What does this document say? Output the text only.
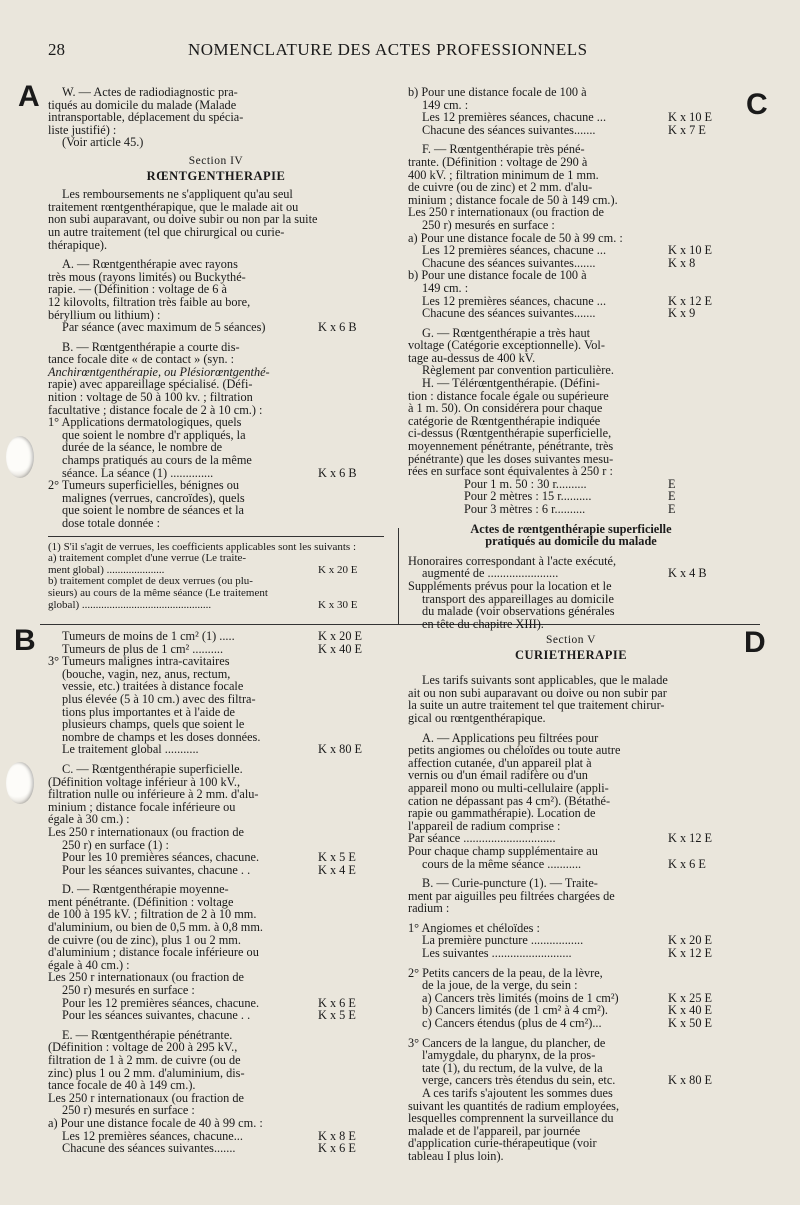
28	NOMENCLATURE DES ACTES PROFESSIONNELS
A	C
B	D

W. — Actes de radiodiagnostic pra-

tiqués au domicile du malade (Malade

intransportable, déplacement du spécia-

liste justifié) :

(Voir article 45.)

Section IV
RŒNTGENTHERAPIE

Les remboursements ne s'appliquent qu'au seul

traitement rœntgenthérapique, que le malade ait ou

non subi auparavant, ou doive subir ou non par la suite

un autre traitement (tel que chirurgical ou curie-

thérapique).

A. — Rœntgenthérapie avec rayons

très mous (rayons limités) ou Buckythé-

rapie. — (Définition : voltage de 6 à

12 kilovolts, filtration très faible au bore,

béryllium ou lithium) :

Par séance (avec maximum de 5 séances)	K x 6 B

B. — Rœntgenthérapie a courte dis-

tance focale dite « de contact » (syn. :

Anchirœntgenthérapie, ou Plésiorœntgenthé-

rapie) avec appareillage spécialisé. (Défi-

nition : voltage de 50 à 100 kv. ; filtration

facultative ; distance focale de 2 à 10 cm.) :

1° Applications dermatologiques, quels

que soient le nombre d'r appliqués, la

durée de la séance, le nombre de

champs pratiqués au cours de la même

séance. La séance (1) ..............	K x 6 B

2° Tumeurs superficielles, bénignes ou

malignes (verrues, cancroïdes), quels

que soient le nombre de séances et la

dose totale donnée :

(1) S'il s'agit de verrues, les coefficients applicables sont les suivants :

a) traitement complet d'une verrue (Le traite-

ment global) .....................	K x 20 E

b) traitement complet de deux verrues (ou plu-

sieurs) au cours de la même séance (Le traitement

global) ...............................................	K x 30 E
Tumeurs de moins de 1 cm² (1) .....	K x 20 E
Tumeurs de plus de 1 cm² ..........	K x 40 E

3° Tumeurs malignes intra-cavitaires

(bouche, vagin, nez, anus, rectum,

vessie, etc.) traitées à distance focale

plus élevée (5 à 10 cm.) avec des filtra-

tions plus importantes et à l'aide de

plusieurs champs, quels que soient le

nombre de champs et les doses données.

Le traitement global ...........	K x 80 E

C. — Rœntgenthérapie superficielle.

(Définition voltage inférieur à 100 kV.,

filtration nulle ou inférieure à 2 mm. d'alu-

minium ; distance focale inférieure ou

égale à 30 cm.) :

Les 250 r internationaux (ou fraction de

250 r) en surface (1) :

Pour les 10 premières séances, chacune.	K x 5 E
Pour les séances suivantes, chacune . .	K x 4 E

D. — Rœntgenthérapie moyenne-

ment pénétrante. (Définition : voltage

de 100 à 195 kV. ; filtration de 2 à 10 mm.

d'aluminium, ou bien de 0,5 mm. à 0,8 mm.

de cuivre (ou de zinc), plus 1 ou 2 mm.

d'aluminium ; distance focale inférieure ou

égale à 40 cm.) :

Les 250 r internationaux (ou fraction de

250 r) mesurés en surface :

Pour les 12 premières séances, chacune.	K x 6 E
Pour les séances suivantes, chacune . .	K x 5 E

E. — Rœntgenthérapie pénétrante.

(Définition : voltage de 200 à 295 kV.,

filtration de 1 à 2 mm. de cuivre (ou de

zinc) plus 1 ou 2 mm. d'aluminium, dis-

tance focale de 40 à 149 cm.).

Les 250 r internationaux (ou fraction de

250 r) mesurés en surface :

a) Pour une distance focale de 40 à 99 cm. :

Les 12 premières séances, chacune...	K x 8 E
Chacune des séances suivantes.......	K x 6 E

b) Pour une distance focale de 100 à

149 cm. :

Les 12 premières séances, chacune ...	K x 10 E
Chacune des séances suivantes.......	K x 7 E

F. — Rœntgenthérapie très péné-

trante. (Définition : voltage de 290 à

400 kV. ; filtration minimum de 1 mm.

de cuivre (ou de zinc) et 2 mm. d'alu-

minium ; distance focale de 50 à 149 cm.).

Les 250 r internationaux (ou fraction de

250 r) mesurés en surface :

a) Pour une distance focale de 50 à 99 cm. :

Les 12 premières séances, chacune ...	K x 10 E
Chacune des séances suivantes.......	K x 8

b) Pour une distance focale de 100 à

149 cm. :

Les 12 premières séances, chacune ...	K x 12 E
Chacune des séances suivantes.......	K x 9

G. — Rœntgenthérapie a très haut

voltage (Catégorie exceptionnelle). Vol-

tage au-dessus de 400 kV.

Règlement par convention particulière.

H. — Télérœntgenthérapie. (Défini-

tion : distance focale égale ou supérieure

à 1 m. 50). On considérera pour chaque

catégorie de Rœntgenthérapie indiquée

ci-dessus (Rœntgenthérapie superficielle,

moyennement pénétrante, pénétrante, très

pénétrante) que les doses suivantes mesu-

rées en surface sont équivalentes à 250 r :

Pour 1 m. 50 : 30 r..........	E
Pour 2 mètres : 15 r..........	E
Pour 3 mètres : 6 r..........	E

Actes de rœntgenthérapie superficielle

pratiqués au domicile du malade

Honoraires correspondant à l'acte exécuté,

augmenté de .......................	K x 4 B

Suppléments prévus pour la location et le

transport des appareillages au domicile

du malade (voir observations générales

en tête du chapitre XIII).

Section V
CURIETHERAPIE

Les tarifs suivants sont applicables, que le malade

ait ou non subi auparavant ou doive ou non subir par

la suite un autre traitement tel que traitement chirur-

gical ou rœntgenthérapique.

A. — Applications peu filtrées pour

petits angiomes ou chéloïdes ou toute autre

affection cutanée, d'un appareil plat à

vernis ou d'un émail radifère ou d'un

appareil mono ou multi-cellulaire (appli-

cation ne dépassant pas 4 cm²). (Bétathé-

rapie ou gammathérapie). Location de

l'appareil de radium comprise :

Par séance ..............................	K x 12 E

Pour chaque champ supplémentaire au

cours de la même séance ...........	K x 6 E

B. — Curie-puncture (1). — Traite-

ment par aiguilles peu filtrées chargées de

radium :

1° Angiomes et chéloïdes :

La première puncture .................	K x 20 E
Les suivantes ..........................	K x 12 E

2° Petits cancers de la peau, de la lèvre,

de la joue, de la verge, du sein :

a) Cancers très limités (moins de 1 cm²)	K x 25 E
b) Cancers limités (de 1 cm² à 4 cm²).	K x 40 E
c) Cancers étendus (plus de 4 cm²)...	K x 50 E

3° Cancers de la langue, du plancher, de

l'amygdale, du pharynx, de la pros-

tate (1), du rectum, de la vulve, de la

verge, cancers très étendus du sein, etc.	K x 80 E

A ces tarifs s'ajoutent les sommes dues

suivant les quantités de radium employées,

lesquelles comprennent la surveillance du

malade et de l'appareil, par journée

d'application curie-thérapeutique (voir

tableau I plus loin).
